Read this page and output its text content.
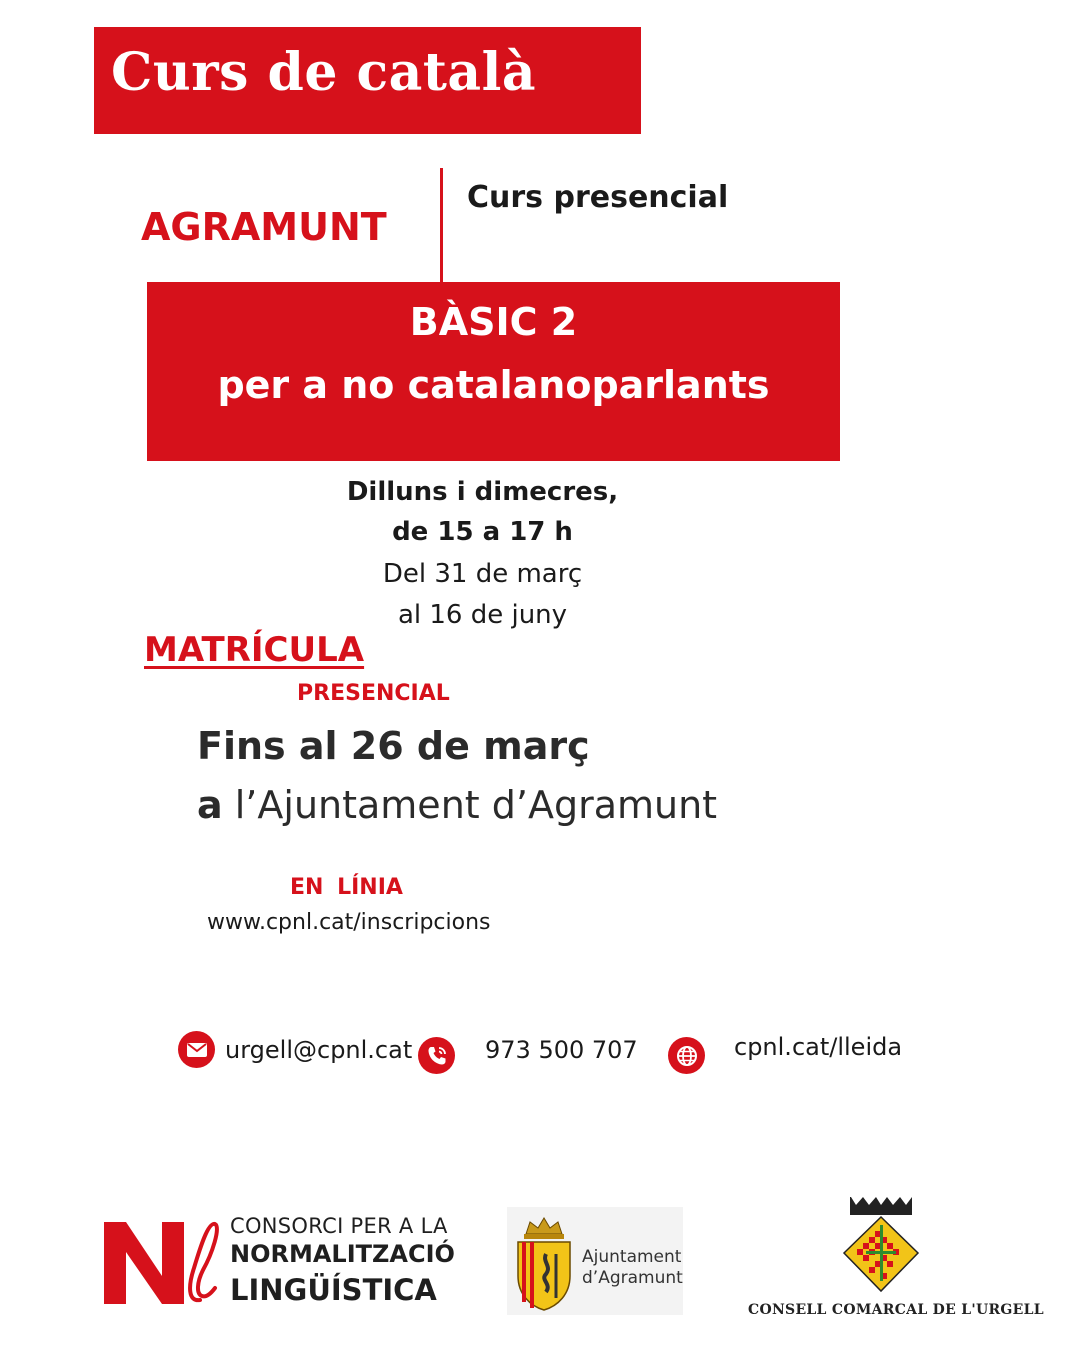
Curs de català
AGRAMUNT
Curs presencial
BÀSIC 2
per a no catalanoparlants
Dilluns i dimecres,
de 15 a 17 h
Del 31 de març
al 16 de juny
MATRÍCULA
PRESENCIAL
Fins al 26 de març
a l’Ajuntament d’Agramunt
EN LÍNIA
www.cpnl.cat/inscripcions
urgell@cpnl.cat	973 500 707	cpnl.cat/lleida
CONSORCI PER A LA
NORMALITZACIÓ
LINGÜÍSTICA
Ajuntament
d’Agramunt
CONSELL COMARCAL DE L'URGELL
